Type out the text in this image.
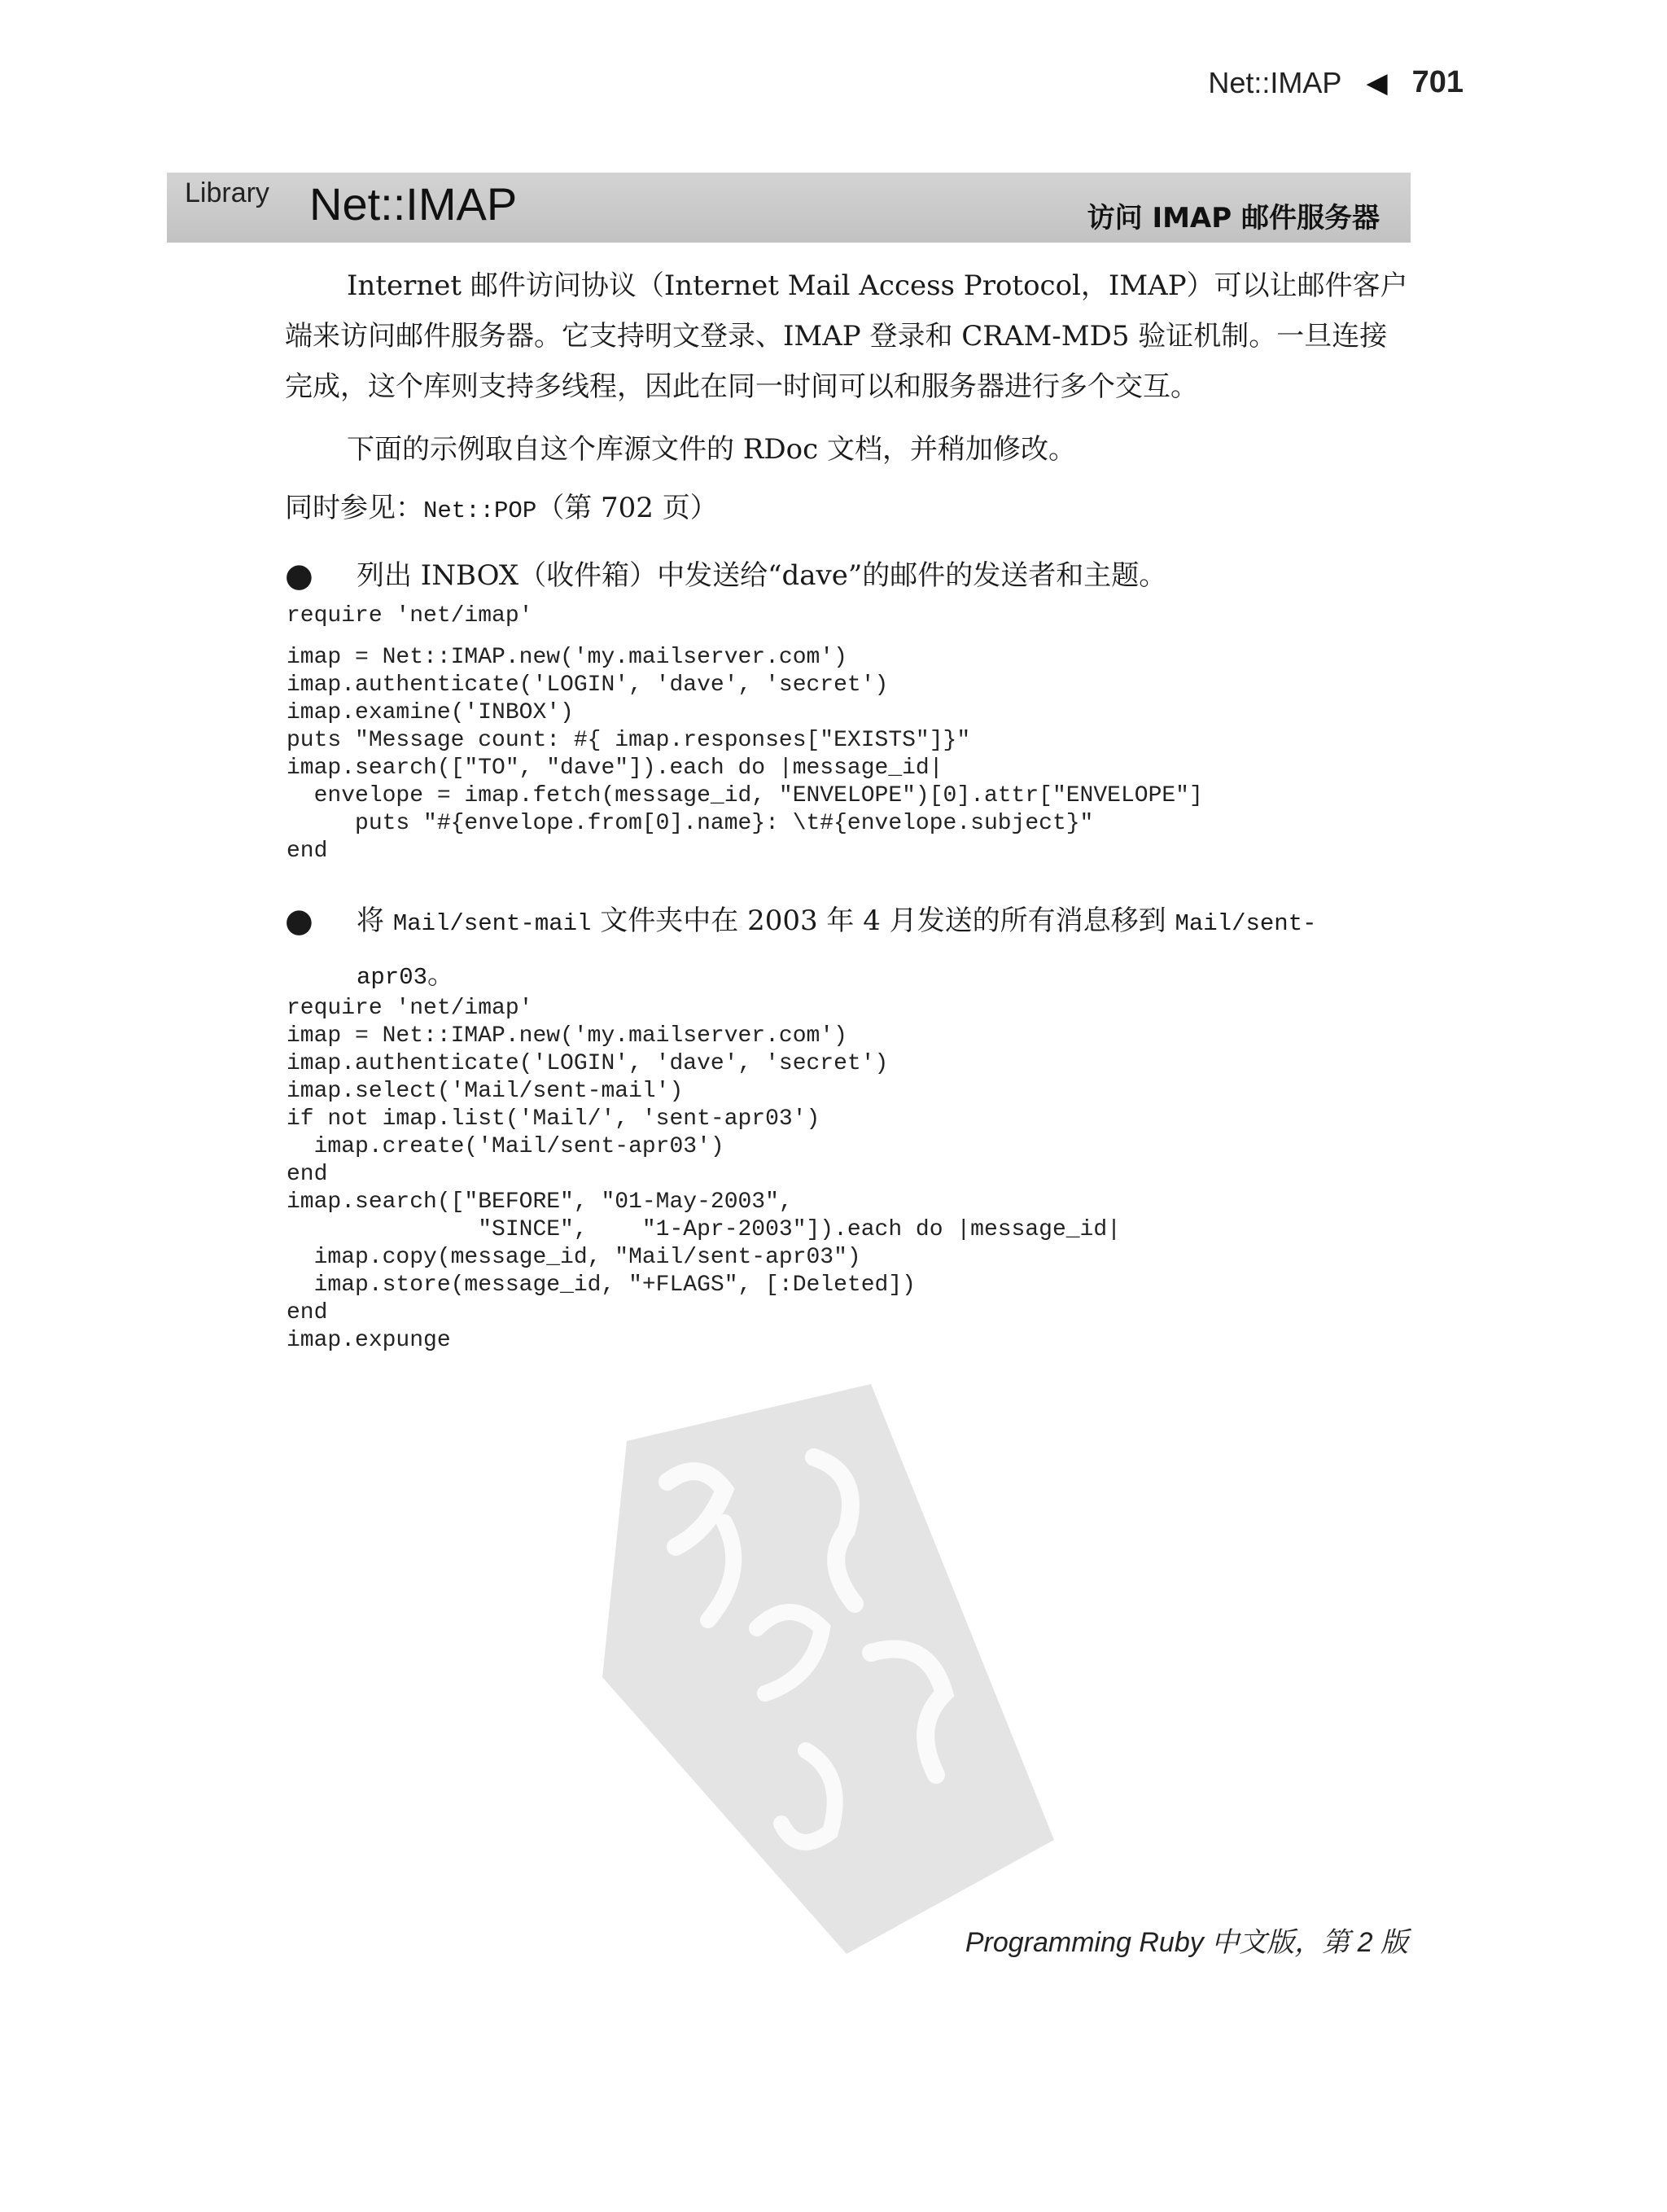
Net::IMAP ◀ 701
Library Net::IMAP	访问 IMAP 邮件服务器
Internet 邮件访问协议（Internet Mail Access Protocol，IMAP）可以让邮件客户端来访问邮件服务器。它支持明文登录、IMAP 登录和 CRAM-MD5 验证机制。一旦连接完成，这个库则支持多线程，因此在同一时间可以和服务器进行多个交互。
下面的示例取自这个库源文件的 RDoc 文档，并稍加修改。
同时参见：Net::POP（第 702 页）
● 列出 INBOX（收件箱）中发送给“dave”的邮件的发送者和主题。
require 'net/imap'
imap = Net::IMAP.new('my.mailserver.com')
imap.authenticate('LOGIN', 'dave', 'secret')
imap.examine('INBOX')
puts "Message count: #{ imap.responses["EXISTS"]}"
imap.search(["TO", "dave"]).each do |message_id|
envelope = imap.fetch(message_id, "ENVELOPE")[0].attr["ENVELOPE"]
puts "#{envelope.from[0].name}: \t#{envelope.subject}"
end
● 将 Mail/sent-mail 文件夹中在 2003 年 4 月发送的所有消息移到 Mail/sent-apr03。
require 'net/imap'
imap = Net::IMAP.new('my.mailserver.com')
imap.authenticate('LOGIN', 'dave', 'secret')
imap.select('Mail/sent-mail')
if not imap.list('Mail/', 'sent-apr03')
imap.create('Mail/sent-apr03')
end
imap.search(["BEFORE", "01-May-2003",
"SINCE",    "1-Apr-2003"]).each do |message_id|
imap.copy(message_id, "Mail/sent-apr03")
imap.store(message_id, "+FLAGS", [:Deleted])
end
imap.expunge
Programming Ruby 中文版，第 2 版
